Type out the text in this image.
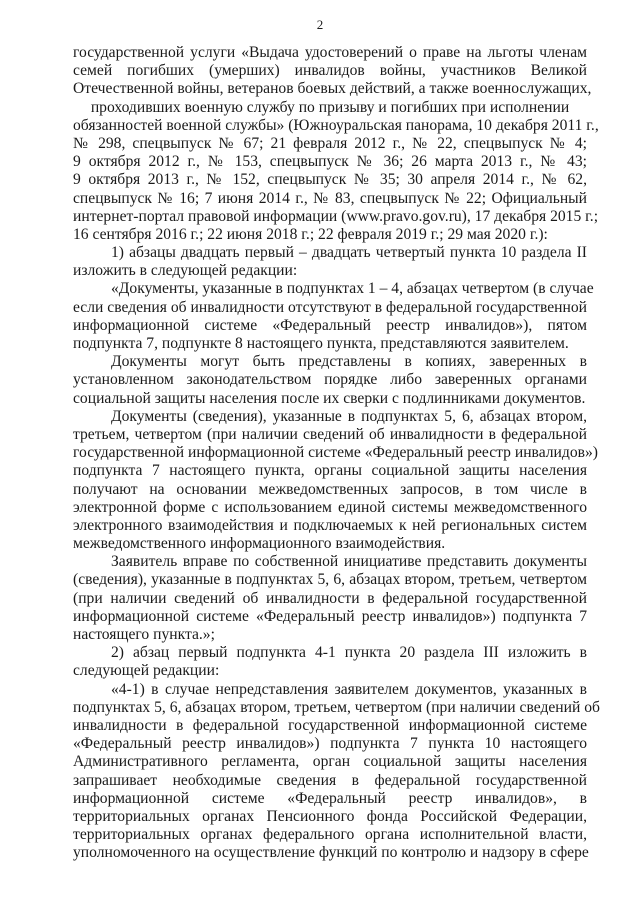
2
государственной услуги «Выдача удостоверений о праве на льготы членам
семей погибших (умерших) инвалидов войны, участников Великой
Отечественной войны, ветеранов боевых действий, а также военнослужащих,
проходивших военную службу по призыву и погибших при исполнении
обязанностей военной службы» (Южноуральская панорама, 10 декабря 2011 г.,
№ 298, спецвыпуск № 67; 21 февраля 2012 г., № 22, спецвыпуск № 4;
9 октября 2012 г., № 153, спецвыпуск № 36; 26 марта 2013 г., № 43;
9 октября 2013 г., № 152, спецвыпуск № 35; 30 апреля 2014 г., № 62,
спецвыпуск № 16; 7 июня 2014 г., № 83, спецвыпуск № 22; Официальный
интернет-портал правовой информации (www.pravo.gov.ru), 17 декабря 2015 г.;
16 сентября 2016 г.; 22 июня 2018 г.; 22 февраля 2019 г.; 29 мая 2020 г.):
1) абзацы двадцать первый – двадцать четвертый пункта 10 раздела II
изложить в следующей редакции:
«Документы, указанные в подпунктах 1 – 4, абзацах четвертом (в случае
если сведения об инвалидности отсутствуют в федеральной государственной
информационной системе «Федеральный реестр инвалидов»), пятом
подпункта 7, подпункте 8 настоящего пункта, представляются заявителем.
Документы могут быть представлены в копиях, заверенных в
установленном законодательством порядке либо заверенных органами
социальной защиты населения после их сверки с подлинниками документов.
Документы (сведения), указанные в подпунктах 5, 6, абзацах втором,
третьем, четвертом (при наличии сведений об инвалидности в федеральной
государственной информационной системе «Федеральный реестр инвалидов»)
подпункта 7 настоящего пункта, органы социальной защиты населения
получают на основании межведомственных запросов, в том числе в
электронной форме с использованием единой системы межведомственного
электронного взаимодействия и подключаемых к ней региональных систем
межведомственного информационного взаимодействия.
Заявитель вправе по собственной инициативе представить документы
(сведения), указанные в подпунктах 5, 6, абзацах втором, третьем, четвертом
(при наличии сведений об инвалидности в федеральной государственной
информационной системе «Федеральный реестр инвалидов») подпункта 7
настоящего пункта.»;
2) абзац первый подпункта 4-1 пункта 20 раздела III изложить в
следующей редакции:
«4-1) в случае непредставления заявителем документов, указанных в
подпунктах 5, 6, абзацах втором, третьем, четвертом (при наличии сведений об
инвалидности в федеральной государственной информационной системе
«Федеральный реестр инвалидов») подпункта 7 пункта 10 настоящего
Административного регламента, орган социальной защиты населения
запрашивает необходимые сведения в федеральной государственной
информационной системе «Федеральный реестр инвалидов», в
территориальных органах Пенсионного фонда Российской Федерации,
территориальных органах федерального органа исполнительной власти,
уполномоченного на осуществление функций по контролю и надзору в сфере
